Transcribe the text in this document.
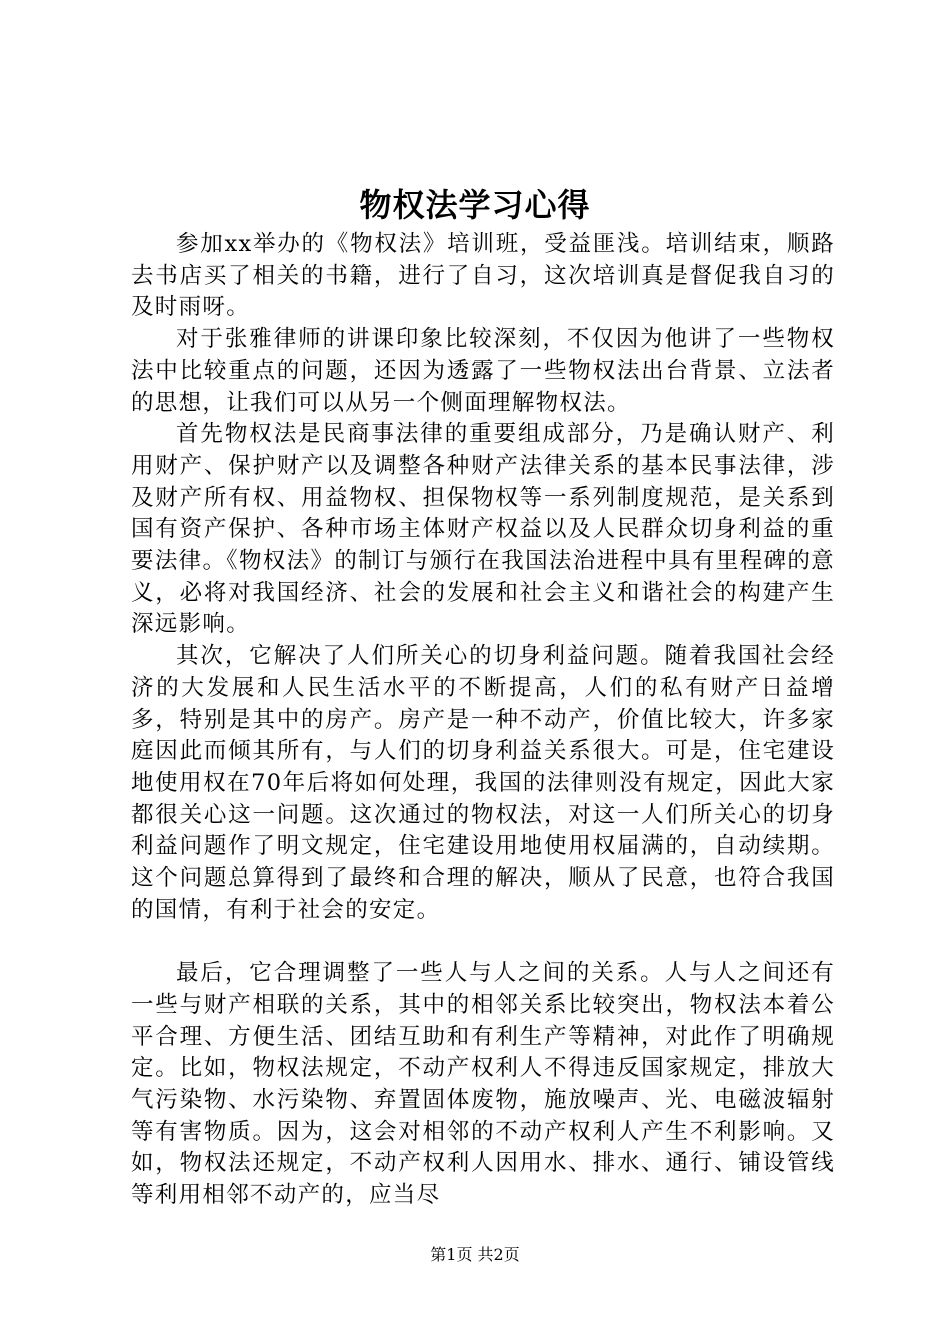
物权法学习心得

参加xx举办的《物权法》培训班，受益匪浅。培训结束，顺路去书店买了相关的书籍，进行了自习，这次培训真是督促我自习的及时雨呀。

对于张雅律师的讲课印象比较深刻，不仅因为他讲了一些物权法中比较重点的问题，还因为透露了一些物权法出台背景、立法者的思想，让我们可以从另一个侧面理解物权法。

首先物权法是民商事法律的重要组成部分，乃是确认财产、利用财产、保护财产以及调整各种财产法律关系的基本民事法律，涉及财产所有权、用益物权、担保物权等一系列制度规范，是关系到国有资产保护、各种市场主体财产权益以及人民群众切身利益的重要法律。《物权法》的制订与颁行在我国法治进程中具有里程碑的意义，必将对我国经济、社会的发展和社会主义和谐社会的构建产生深远影响。

其次，它解决了人们所关心的切身利益问题。随着我国社会经济的大发展和人民生活水平的不断提高，人们的私有财产日益增多，特别是其中的房产。房产是一种不动产，价值比较大，许多家庭因此而倾其所有，与人们的切身利益关系很大。可是，住宅建设地使用权在70年后将如何处理，我国的法律则没有规定，因此大家都很关心这一问题。这次通过的物权法，对这一人们所关心的切身利益问题作了明文规定，住宅建设用地使用权届满的，自动续期。这个问题总算得到了最终和合理的解决，顺从了民意，也符合我国的国情，有利于社会的安定。

最后，它合理调整了一些人与人之间的关系。人与人之间还有一些与财产相联的关系，其中的相邻关系比较突出，物权法本着公平合理、方便生活、团结互助和有利生产等精神，对此作了明确规定。比如，物权法规定，不动产权利人不得违反国家规定，排放大气污染物、水污染物、弃置固体废物，施放噪声、光、电磁波辐射等有害物质。因为，这会对相邻的不动产权利人产生不利影响。又如，物权法还规定，不动产权利人因用水、排水、通行、铺设管线等利用相邻不动产的，应当尽

第1页 共2页
